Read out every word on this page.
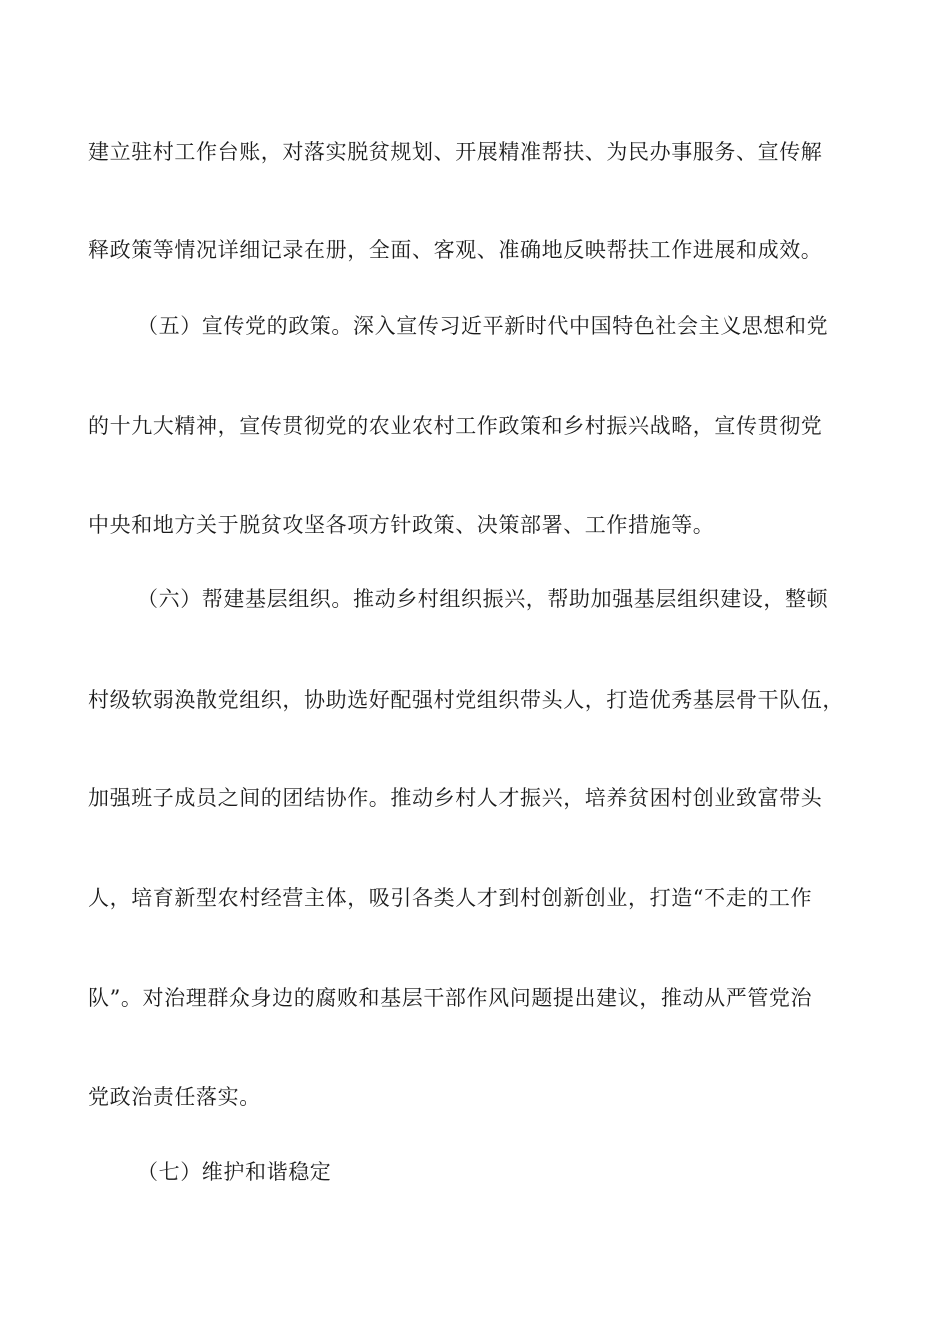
建立驻村工作台账，对落实脱贫规划、开展精准帮扶、为民办事服务、宣传解
释政策等情况详细记录在册，全面、客观、准确地反映帮扶工作进展和成效。
（五）宣传党的政策。深入宣传习近平新时代中国特色社会主义思想和党
的十九大精神，宣传贯彻党的农业农村工作政策和乡村振兴战略，宣传贯彻党
中央和地方关于脱贫攻坚各项方针政策、决策部署、工作措施等。
（六）帮建基层组织。推动乡村组织振兴，帮助加强基层组织建设，整顿
村级软弱涣散党组织，协助选好配强村党组织带头人，打造优秀基层骨干队伍，
加强班子成员之间的团结协作。推动乡村人才振兴，培养贫困村创业致富带头
人，培育新型农村经营主体，吸引各类人才到村创新创业，打造“不走的工作
队”。对治理群众身边的腐败和基层干部作风问题提出建议，推动从严管党治
党政治责任落实。
（七）维护和谐稳定
